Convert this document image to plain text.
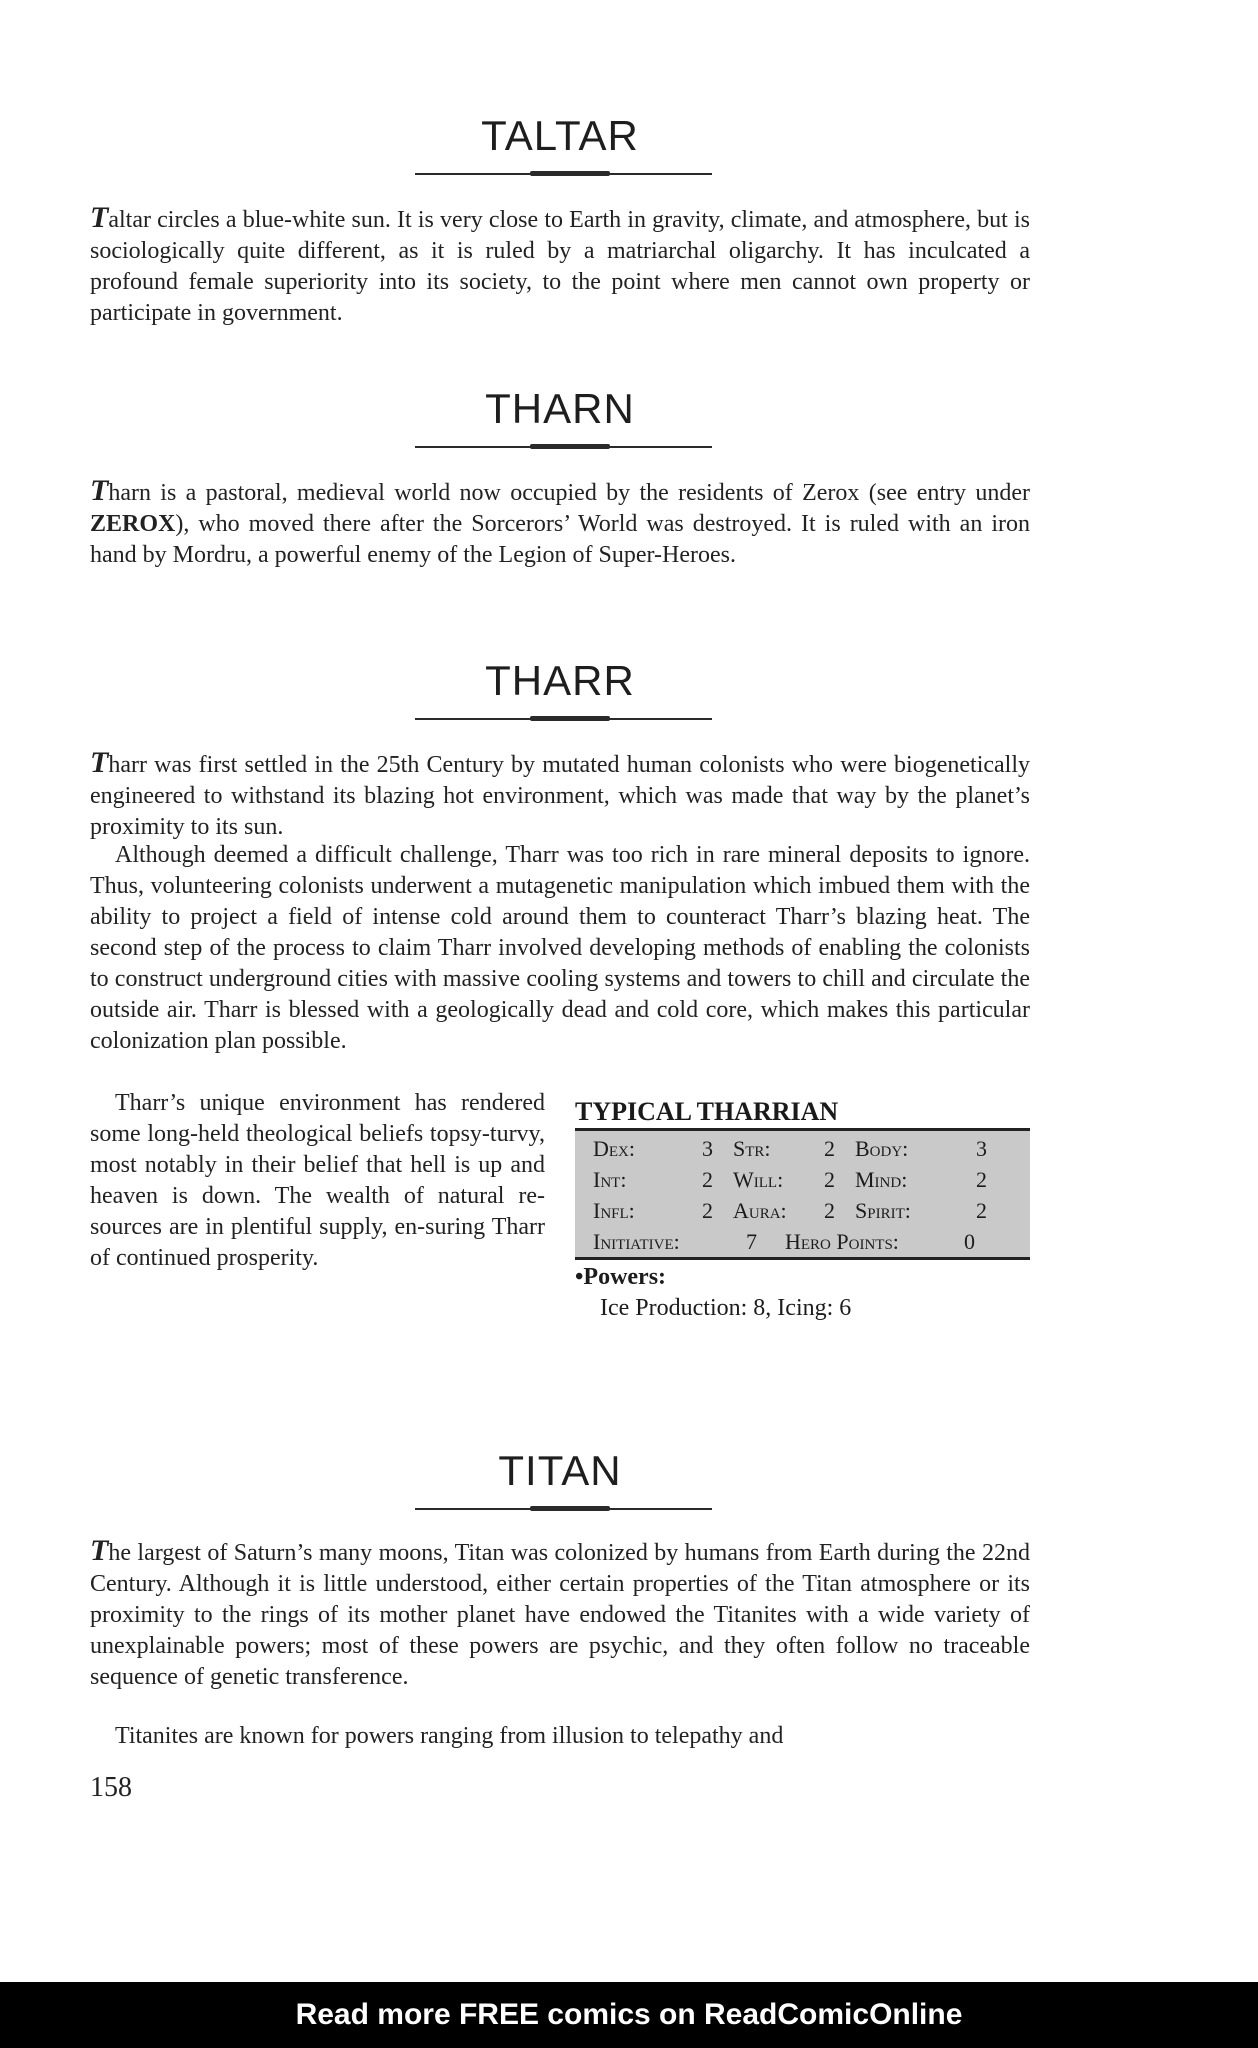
TALTAR

Taltar circles a blue-white sun. It is very close to Earth in gravity, climate, and atmosphere, but is sociologically quite different, as it is ruled by a matriarchal oligarchy. It has inculcated a profound female superiority into its society, to the point where men cannot own property or participate in government.

THARN

Tharn is a pastoral, medieval world now occupied by the residents of Zerox (see entry under ZEROX), who moved there after the Sorcerors’ World was destroyed. It is ruled with an iron hand by Mordru, a powerful enemy of the Legion of Super-Heroes.

THARR

Tharr was first settled in the 25th Century by mutated human colonists who were biogenetically engineered to withstand its blazing hot environment, which was made that way by the planet’s proximity to its sun.

Although deemed a difficult challenge, Tharr was too rich in rare mineral deposits to ignore. Thus, volunteering colonists underwent a mutagenetic manipulation which imbued them with the ability to project a field of intense cold around them to counteract Tharr’s blazing heat. The second step of the process to claim Tharr involved developing methods of enabling the colonists to construct underground cities with massive cooling systems and towers to chill and circulate the outside air. Tharr is blessed with a geologically dead and cold core, which makes this particular colonization plan possible.

Tharr’s unique environment has rendered some long-held theological beliefs topsy-turvy, most notably in their belief that hell is up and heaven is down. The wealth of natural re-sources are in plentiful supply, en-suring Tharr of continued prosperity.

TYPICAL THARRIAN
Dex:	3 Str:	2 Body:	3
Int:	2 Will:	2 Mind:	2
Infl:	2 Aura:	2 Spirit:	2
Initiative:	7	Hero Points:	0
•Powers:
Ice Production: 8, Icing: 6
TITAN

The largest of Saturn’s many moons, Titan was colonized by humans from Earth during the 22nd Century. Although it is little understood, either certain properties of the Titan atmosphere or its proximity to the rings of its mother planet have endowed the Titanites with a wide variety of unexplainable powers; most of these powers are psychic, and they often follow no traceable sequence of genetic transference.

Titanites are known for powers ranging from illusion to telepathy and

158
Read more FREE comics on ReadComicOnline
